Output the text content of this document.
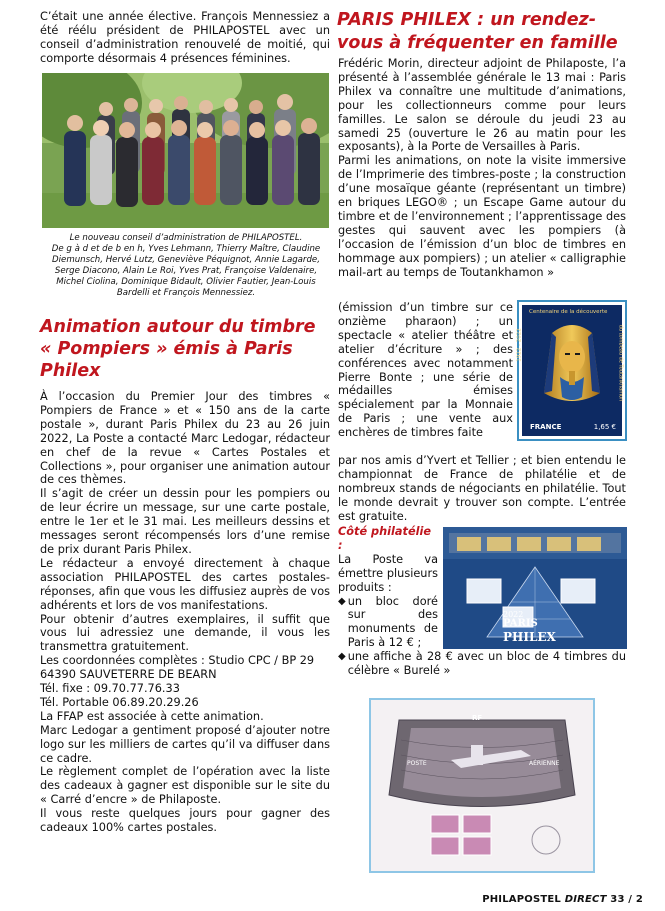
C’était une année élective. François Mennessiez a été réélu président de PHILAPOSTEL avec un conseil d’administration renouvelé de moitié, qui comporte désormais 4 présences féminines.

Le nouveau conseil d’administration de PHILAPOSTEL.

De g à d et de b en h, Yves Lehmann, Thierry Maître, Claudine

Diemunsch, Hervé Lutz, Geneviève Péquignot, Annie Lagarde,

Serge Diacono, Alain Le Roi, Yves Prat, Françoise Valdenaire,

Michel Ciolina, Dominique Bidault, Olivier Fautier, Jean-Louis

Bardelli et François Mennessiez.

Animation autour du timbre

« Pompiers » émis à Paris

Philex

À l’occasion du Premier Jour des timbres « Pompiers de France » et « 150 ans de la carte postale », durant Paris Philex du 23 au 26 juin 2022, La Poste a contacté Marc Ledogar, rédacteur en chef de la revue « Cartes Postales et Collections », pour organiser une animation autour de ces thèmes.

Il s’agit de créer un dessin pour les pompiers ou de leur écrire un message, sur une carte postale, entre le 1er et le 31 mai. Les meilleurs dessins et messages seront récompensés lors d’une remise de prix durant Paris Philex.

Le rédacteur a envoyé directement à chaque association PHILAPOSTEL des cartes postales-réponses, afin que vous les diffusiez auprès de vos adhérents et lors de vos manifestations.

Pour obtenir d’autres exemplaires, il suffit que vous lui adressiez une demande, il vous les transmettra gratuitement.

Les coordonnées complètes : Studio CPC / BP 29

64390 SAUVETERRE DE BEARN

Tél. fixe : 09.70.77.76.33

Tél. Portable 06.89.20.29.26

La FFAP est associée à cette animation.

Marc Ledogar a gentiment proposé d’ajouter notre logo sur les milliers de cartes qu’il va diffuser dans ce cadre.

Le règlement complet de l’opération avec la liste des cadeaux à gagner est disponible sur le site du « Carré d’encre » de Philaposte.

Il vous reste quelques jours pour gagner des cadeaux 100% cartes postales.

PARIS PHILEX : un rendez-

vous à fréquenter en famille

Frédéric Morin, directeur adjoint de Philaposte, l’a présenté à l’assemblée générale le 13 mai : Paris Philex va connaître une multitude d’animations, pour les collectionneurs comme pour leurs familles. Le salon se déroule du jeudi 23 au samedi 25 (ouverture le 26 au matin pour les exposants), à la Porte de Versailles à Paris.

Parmi les animations, on note la visite immersive de l’Imprimerie des timbres-poste ; la construction d’une mosaïque géante (représentant un timbre) en briques LEGO® ; un Escape Game autour du timbre et de l’environnement ; l’apprentissage des gestes qui sauvent avec les pompiers (à l’occasion de l’émission d’un bloc de timbres en hommage aux pompiers) ; un atelier « calligraphie mail-art au temps de Toutankhamon »

Centenaire de la découverte
1922 - 2022	du tombeau de Toutankhamon
FRANCE	1,65 €

(émission d’un timbre sur ce onzième pharaon) ; un spectacle « atelier théâtre et atelier d’écriture » ; des conférences avec notamment Pierre Bonte ; une série de médailles émises spécialement par la Monnaie de Paris ; une vente aux enchères de timbres faite

par nos amis d’Yvert et Tellier ; et bien entendu le championnat de France de philatélie et de nombreux stands de négociants en philatélie. Tout le monde devrait y trouver son compte. L’entrée est gratuite.

Côté philatélie :

La Poste va émettre plusieurs produits :

◆ un bloc doré sur des monuments de Paris à 12 € ;

2022
PARIS
PHILEX
◆ une affiche à 28 € avec un bloc de 4 timbres du célèbre « Burelé »

RF
POSTE	AÉRIENNE
PHILAPOSTEL DIRECT 33 / 2
